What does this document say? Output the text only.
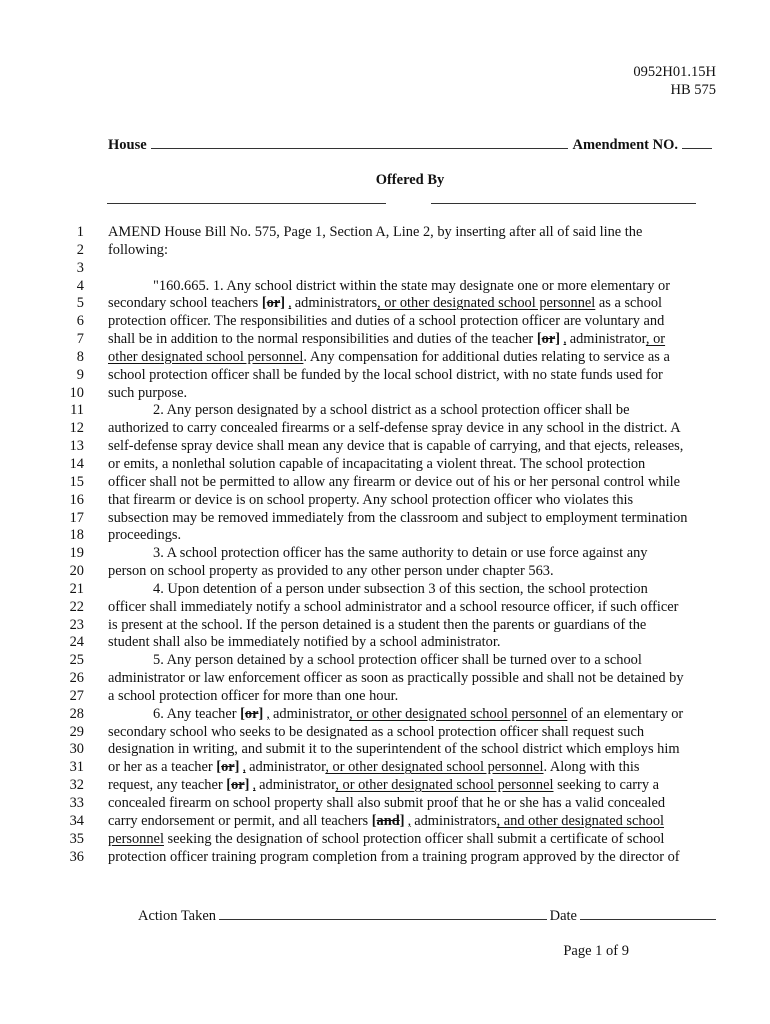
0952H01.15H
HB 575
House	Amendment NO.
Offered By
1 AMEND House Bill No. 575, Page 1, Section A, Line 2, by inserting after all of said line the
2 following:
3
4	"160.665. 1. Any school district within the state may designate one or more elementary or
5 secondary school teachers [or] , administrators, or other designated school personnel as a school
6 protection officer. The responsibilities and duties of a school protection officer are voluntary and
7 shall be in addition to the normal responsibilities and duties of the teacher [or] , administrator, or
8 other designated school personnel. Any compensation for additional duties relating to service as a
9 school protection officer shall be funded by the local school district, with no state funds used for
10 such purpose.
11	2. Any person designated by a school district as a school protection officer shall be
12 authorized to carry concealed firearms or a self-defense spray device in any school in the district. A
13 self-defense spray device shall mean any device that is capable of carrying, and that ejects, releases,
14 or emits, a nonlethal solution capable of incapacitating a violent threat. The school protection
15 officer shall not be permitted to allow any firearm or device out of his or her personal control while
16 that firearm or device is on school property. Any school protection officer who violates this
17 subsection may be removed immediately from the classroom and subject to employment termination
18 proceedings.
19	3. A school protection officer has the same authority to detain or use force against any
20 person on school property as provided to any other person under chapter 563.
21	4. Upon detention of a person under subsection 3 of this section, the school protection
22 officer shall immediately notify a school administrator and a school resource officer, if such officer
23 is present at the school. If the person detained is a student then the parents or guardians of the
24 student shall also be immediately notified by a school administrator.
25	5. Any person detained by a school protection officer shall be turned over to a school
26 administrator or law enforcement officer as soon as practically possible and shall not be detained by
27 a school protection officer for more than one hour.
28	6. Any teacher [or] , administrator, or other designated school personnel of an elementary or
29 secondary school who seeks to be designated as a school protection officer shall request such
30 designation in writing, and submit it to the superintendent of the school district which employs him
31 or her as a teacher [or] , administrator, or other designated school personnel. Along with this
32 request, any teacher [or] , administrator, or other designated school personnel seeking to carry a
33 concealed firearm on school property shall also submit proof that he or she has a valid concealed
34 carry endorsement or permit, and all teachers [and] , administrators, and other designated school
35 personnel seeking the designation of school protection officer shall submit a certificate of school
36 protection officer training program completion from a training program approved by the director of
Action Taken	Date
Page 1 of 9
